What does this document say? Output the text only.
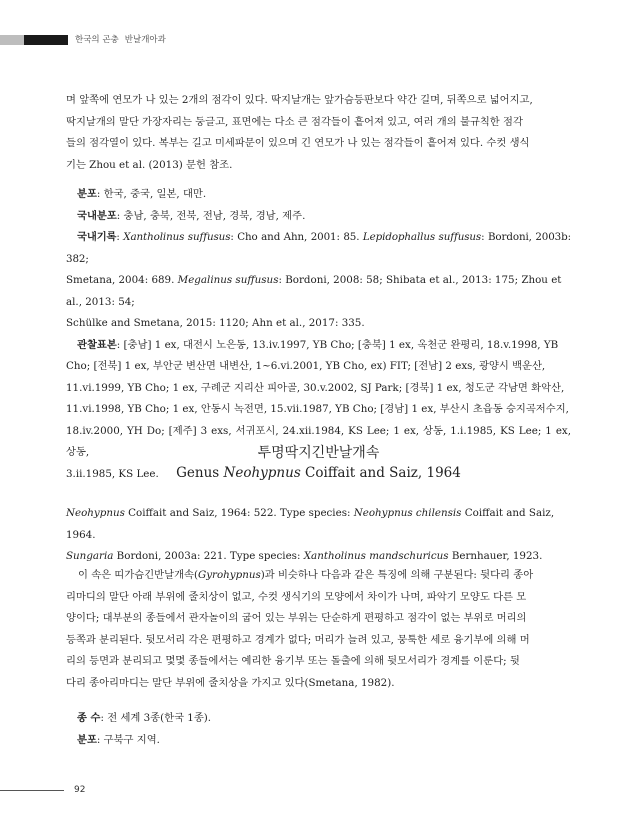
한국의 곤충 반날개아과

며 앞쪽에 연모가 나 있는 2개의 점각이 있다. 딱지날개는 앞가슴등판보다 약간 길며, 뒤쪽으로 넓어지고,

딱지날개의 말단 가장자리는 둥글고, 표면에는 다소 큰 점각들이 흩어져 있고, 여러 개의 불규칙한 점각

들의 점각열이 있다. 복부는 길고 미세파문이 있으며 긴 연모가 나 있는 점각들이 흩어져 있다. 수컷 생식

기는 Zhou et al. (2013) 문헌 참조.

분포: 한국, 중국, 일본, 대만.

국내분포: 충남, 충북, 전북, 전남, 경북, 경남, 제주.

국내기록: Xantholinus suffusus: Cho and Ahn, 2001: 85. Lepidophallus suffusus: Bordoni, 2003b: 382;

Smetana, 2004: 689. Megalinus suffusus: Bordoni, 2008: 58; Shibata et al., 2013: 175; Zhou et al., 2013: 54;

Schülke and Smetana, 2015: 1120; Ahn et al., 2017: 335.

관찰표본: [충남] 1 ex, 대전시 노은동, 13.iv.1997, YB Cho; [충북] 1 ex, 옥천군 완평리, 18.v.1998, YB

Cho; [전북] 1 ex, 부안군 변산면 내변산, 1~6.vi.2001, YB Cho, ex) FIT; [전남] 2 exs, 광양시 백운산,

11.vi.1999, YB Cho; 1 ex, 구례군 지리산 피아골, 30.v.2002, SJ Park; [경북] 1 ex, 청도군 각남면 화악산,

11.vi.1998, YB Cho; 1 ex, 안동시 녹전면, 15.vii.1987, YB Cho; [경남] 1 ex, 부산시 초읍동 승지곡저수지,

18.iv.2000, YH Do; [제주] 3 exs, 서귀포시, 24.xii.1984, KS Lee; 1 ex, 상동, 1.i.1985, KS Lee; 1 ex, 상동,

3.ii.1985, KS Lee.

투명딱지긴반날개속
Genus Neohypnus Coiffait and Saiz, 1964

Neohypnus Coiffait and Saiz, 1964: 522. Type species: Neohypnus chilensis Coiffait and Saiz, 1964.

Sungaria Bordoni, 2003a: 221. Type species: Xantholinus mandschuricus Bernhauer, 1923.

이 속은 띠가슴긴반날개속(Gyrohypnus)과 비슷하나 다음과 같은 특징에 의해 구분된다: 뒷다리 종아

리마디의 말단 아래 부위에 줄치상이 없고, 수컷 생식기의 모양에서 차이가 나며, 파악기 모양도 다른 모

양이다; 대부분의 종들에서 관자놀이의 굽어 있는 부위는 단순하게 편평하고 점각이 없는 부위로 머리의

등쪽과 분리된다. 뒷모서리 각은 편평하고 경계가 없다; 머리가 늘려 있고, 뭉툭한 세로 융기부에 의해 머

리의 등면과 분리되고 몇몇 종들에서는 예리한 융기부 또는 돌출에 의해 뒷모서리가 경계를 이룬다; 뒷

다리 종아리마디는 말단 부위에 줄치상을 가지고 있다(Smetana, 1982).

종 수: 전 세계 3종(한국 1종).

분포: 구북구 지역.

92
